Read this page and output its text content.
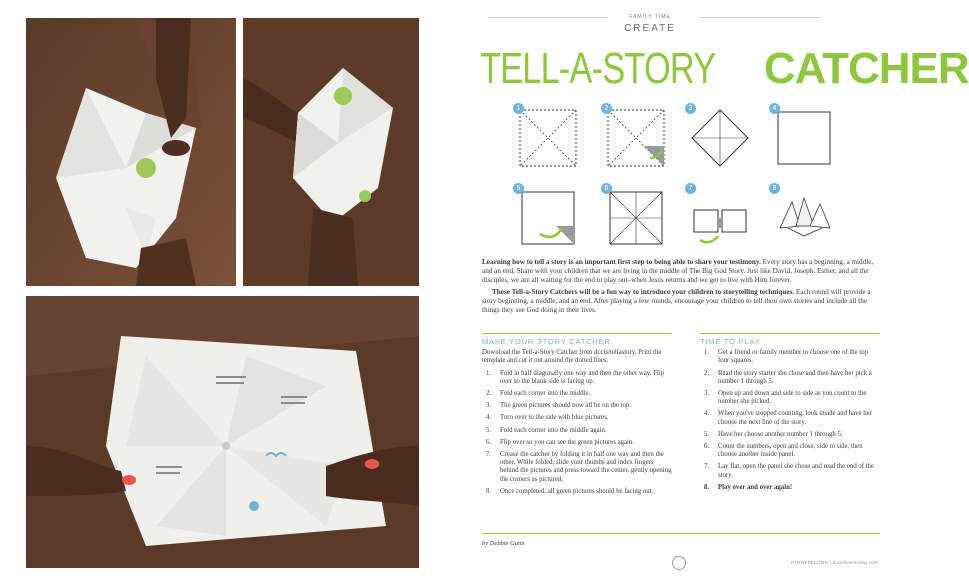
FAMILY TIME
CREATE
TELL-A-STORY CATCHER
1	2	3	4
5	6	7	8

Learning how to tell a story is an important first step to being able to share your testimony. Every story has a beginning, a middle, and an end. Share with your children that we are living in the middle of The Big God Story. Just like David, Joseph, Esther, and all the disciples, we are all waiting for the end to play out–when Jesus returns and we get to live with Him forever.

These Tell-a-Story Catchers will be a fun way to introduce your children to storytelling techniques. Each round will provide a story beginning, a middle, and an end. After playing a few rounds, encourage your children to tell their own stories and include all the things they see God doing in their lives.

MAKE YOUR STORY CATCHER

Download the Tell-a-Story Catcher from dccis/tellastory. Print the template and cut it out around the dotted lines.

1. Fold in half diagonally one way and then the other way. Flip over so the blank side is facing up.
2. Fold each corner into the middle.
3. The green pictures should now all be on the top.
4. Turn over to the side with blue pictures.
5. Fold each corner into the middle again.
6. Flip over so you can see the green pictures again.
7. Crease the catcher by folding it in half one way and then the other. While folded, slide your thumbs and index fingers behind the pictures and press toward the center, gently opening the corners as pictured.
8. Once completed, all green pictures should be facing out.
TIME TO PLAY
1. Get a friend or family member to choose one of the top four squares.
2. Read the story starter she chose and then have her pick a number 1 through 5.
3. Open up and down and side to side as you count to the number she picked.
4. When you've stopped counting, look inside and have her choose the next line of the story.
5. Have her choose another number 1 through 5.
6. Count the numbers, open and close, side to side, then choose another inside panel.
7. Lay flat, open the panel she chose and read the end of the story.
8. Play over and over again!
by Debbie Gunn
STORYTELLING | kuonfreestrong.com
